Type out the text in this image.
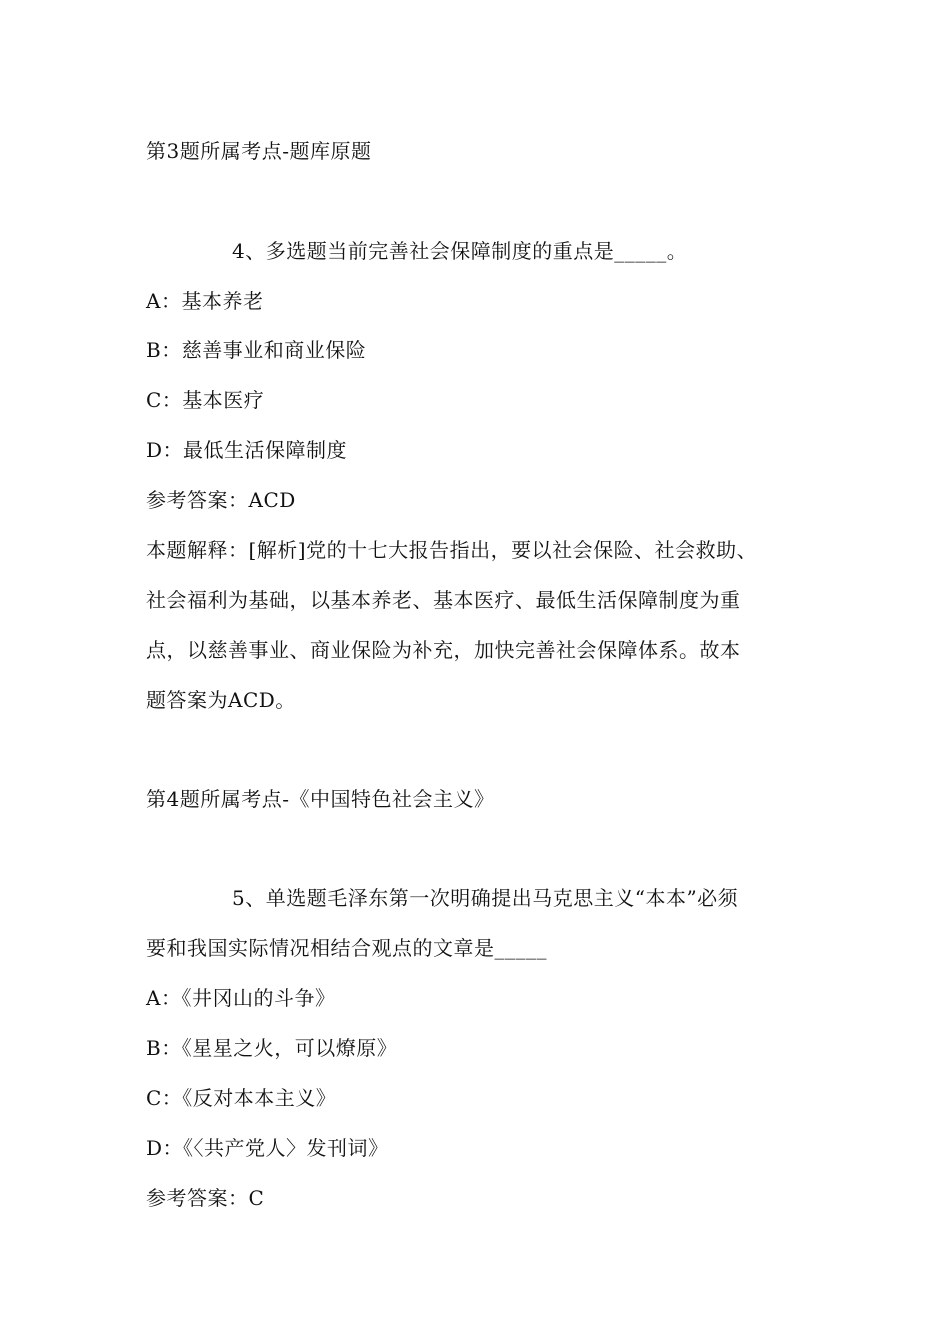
第3题所属考点-题库原题
4、多选题当前完善社会保障制度的重点是_____。
A：基本养老
B：慈善事业和商业保险
C：基本医疗
D：最低生活保障制度
参考答案：ACD
本题解释：[解析]党的十七大报告指出，要以社会保险、社会救助、
社会福利为基础，以基本养老、基本医疗、最低生活保障制度为重
点，以慈善事业、商业保险为补充，加快完善社会保障体系。故本
题答案为ACD。
第4题所属考点-《中国特色社会主义》
5、单选题毛泽东第一次明确提出马克思主义“本本”必须
要和我国实际情况相结合观点的文章是_____
A：《井冈山的斗争》
B：《星星之火，可以燎原》
C：《反对本本主义》
D：《〈共产党人〉发刊词》
参考答案：C
